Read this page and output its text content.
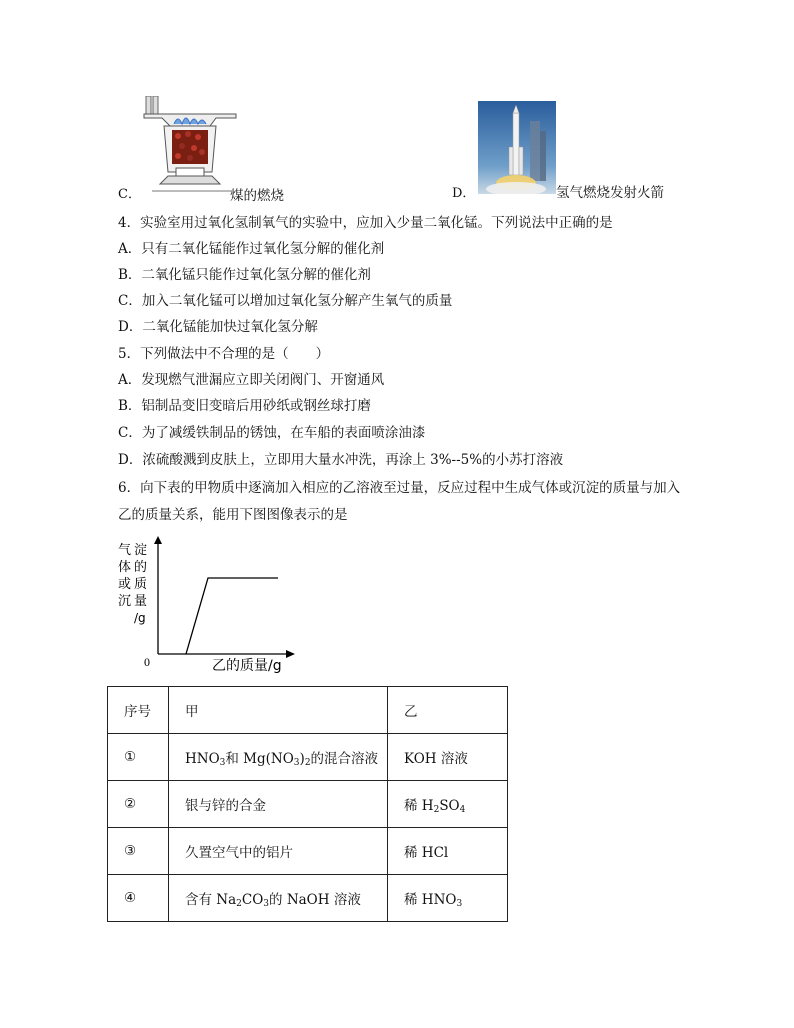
C．	煤的燃烧	D．	氢气燃烧发射火箭
4．实验室用过氧化氢制氧气的实验中，应加入少量二氧化锰。下列说法中正确的是
A．只有二氧化锰能作过氧化氢分解的催化剂
B．二氧化锰只能作过氧化氢分解的催化剂
C．加入二氧化锰可以增加过氧化氢分解产生氧气的质量
D．二氧化锰能加快过氧化氢分解
5．下列做法中不合理的是（　　）
A．发现燃气泄漏应立即关闭阀门、开窗通风
B．铝制品变旧变暗后用砂纸或钢丝球打磨
C．为了减缓铁制品的锈蚀，在车船的表面喷涂油漆
D．浓硫酸溅到皮肤上，立即用大量水冲洗，再涂上 3%--5%的小苏打溶液
6．向下表的甲物质中逐滴加入相应的乙溶液至过量，反应过程中生成气体或沉淀的质量与加入
乙的质量关系，能用下图图像表示的是
0	乙的质量/g
气
体
或
沉
淀
的
质
量
/g
序号	甲	乙
①	$HNO_3$和 $Mg(NO_3)_2$的混合溶液	KOH 溶液
②	银与锌的合金	稀 $H_2SO_4$
③	久置空气中的铝片	稀 HCl
④	含有 $Na_2CO_3$的 NaOH 溶液	稀 $HNO_3$
